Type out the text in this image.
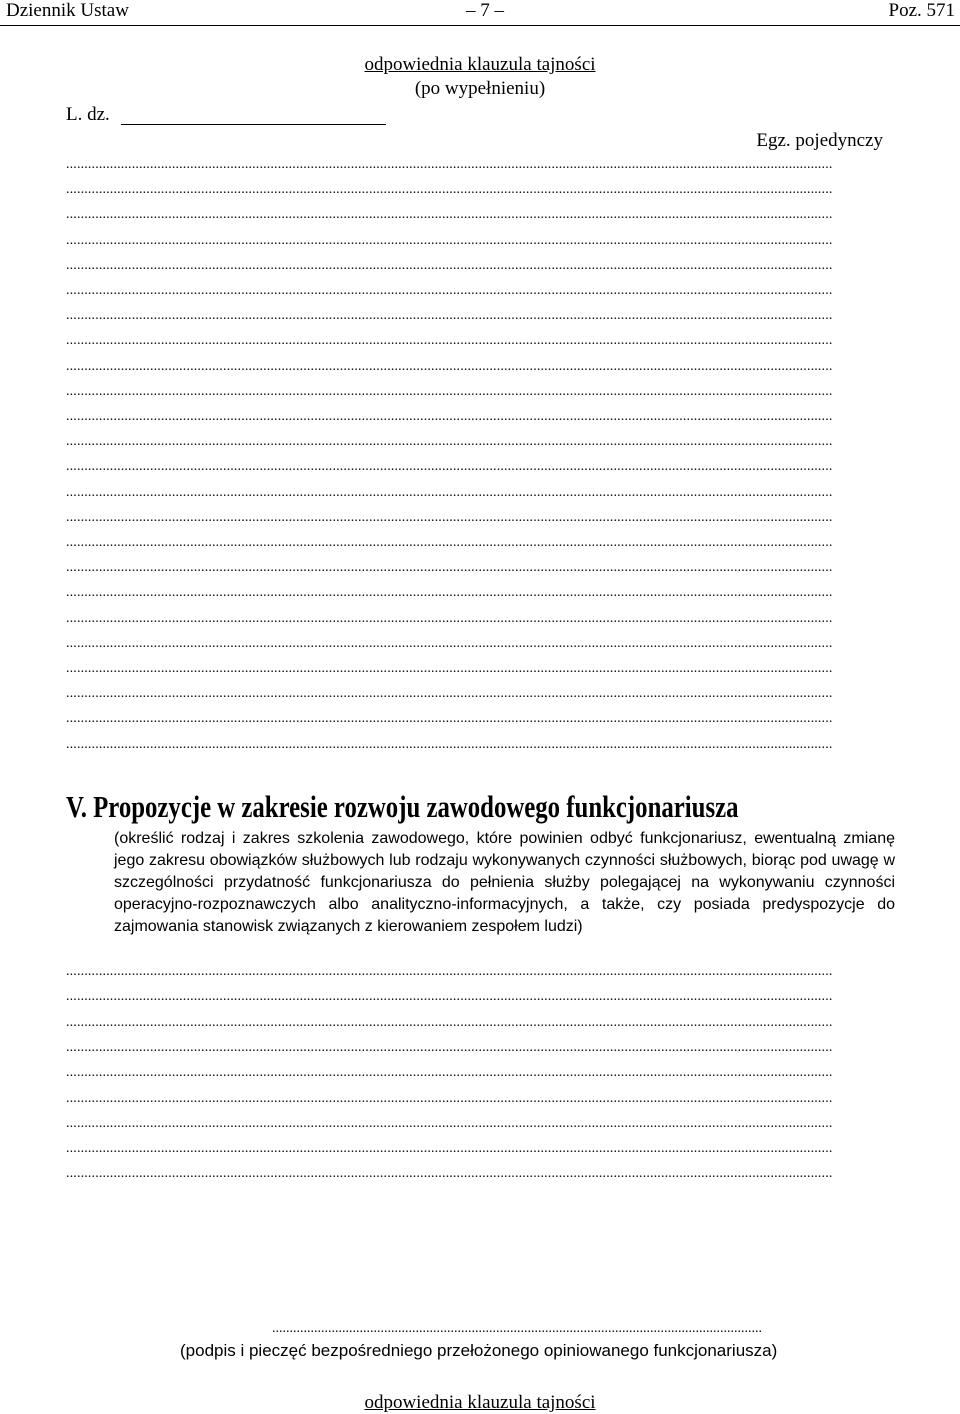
Dziennik Ustaw	– 7 –	Poz. 571
odpowiednia klauzula tajności
(po wypełnieniu)
L. dz.
Egz. pojedynczy
..................................................................................................................................................................................................................
..................................................................................................................................................................................................................
..................................................................................................................................................................................................................
..................................................................................................................................................................................................................
..................................................................................................................................................................................................................
..................................................................................................................................................................................................................
..................................................................................................................................................................................................................
..................................................................................................................................................................................................................
..................................................................................................................................................................................................................
..................................................................................................................................................................................................................
..................................................................................................................................................................................................................
..................................................................................................................................................................................................................
..................................................................................................................................................................................................................
..................................................................................................................................................................................................................
..................................................................................................................................................................................................................
..................................................................................................................................................................................................................
..................................................................................................................................................................................................................
..................................................................................................................................................................................................................
..................................................................................................................................................................................................................
..................................................................................................................................................................................................................
..................................................................................................................................................................................................................
..................................................................................................................................................................................................................
..................................................................................................................................................................................................................
..................................................................................................................................................................................................................
V. Propozycje w zakresie rozwoju zawodowego funkcjonariusza
(określić rodzaj i zakres szkolenia zawodowego, które powinien odbyć funkcjonariusz, ewentualną zmianę jego zakresu obowiązków służbowych lub rodzaju wykonywanych czynności służbowych, biorąc pod uwagę w szczególności przydatność funkcjonariusza do pełnienia służby polegającej na wykonywaniu czynności operacyjno-rozpoznawczych albo analityczno-informacyjnych, a także, czy posiada predyspozycje do zajmowania stanowisk związanych z kierowaniem zespołem ludzi)
..................................................................................................................................................................................................................
..................................................................................................................................................................................................................
..................................................................................................................................................................................................................
..................................................................................................................................................................................................................
..................................................................................................................................................................................................................
..................................................................................................................................................................................................................
..................................................................................................................................................................................................................
..................................................................................................................................................................................................................
..................................................................................................................................................................................................................
............................................................................................................................................
(podpis i pieczęć bezpośredniego przełożonego opiniowanego funkcjonariusza)
odpowiednia klauzula tajności
